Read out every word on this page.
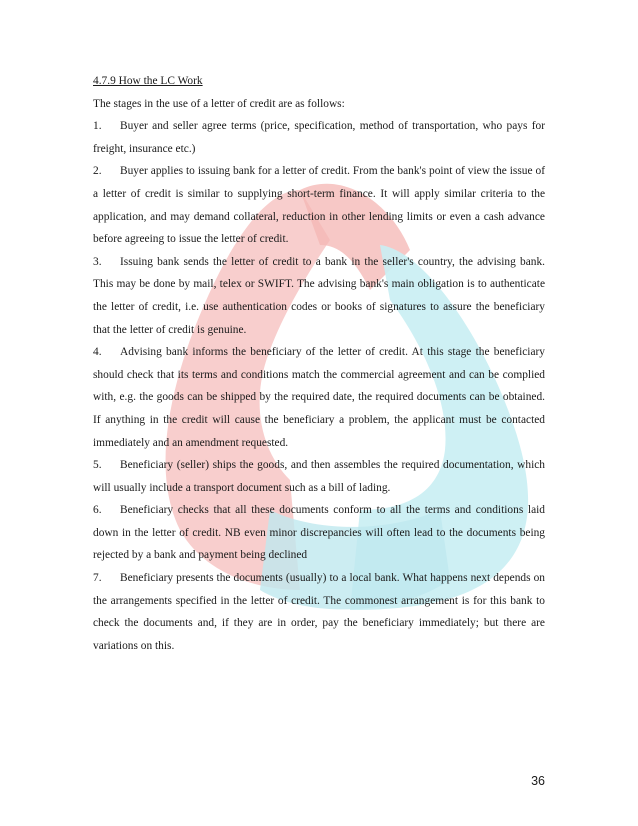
4.7.9 How the LC Work

The stages in the use of a letter of credit are as follows:

1. Buyer and seller agree terms (price, specification, method of transportation, who pays for freight, insurance etc.)
2. Buyer applies to issuing bank for a letter of credit. From the bank's point of view the issue of a letter of credit is similar to supplying short-term finance. It will apply similar criteria to the application, and may demand collateral, reduction in other lending limits or even a cash advance before agreeing to issue the letter of credit.
3. Issuing bank sends the letter of credit to a bank in the seller's country, the advising bank. This may be done by mail, telex or SWIFT. The advising bank's main obligation is to authenticate the letter of credit, i.e. use authentication codes or books of signatures to assure the beneficiary that the letter of credit is genuine.
4. Advising bank informs the beneficiary of the letter of credit. At this stage the beneficiary should check that its terms and conditions match the commercial agreement and can be complied with, e.g. the goods can be shipped by the required date, the required documents can be obtained. If anything in the credit will cause the beneficiary a problem, the applicant must be contacted immediately and an amendment requested.
5. Beneficiary (seller) ships the goods, and then assembles the required documentation, which will usually include a transport document such as a bill of lading.
6. Beneficiary checks that all these documents conform to all the terms and conditions laid down in the letter of credit. NB even minor discrepancies will often lead to the documents being rejected by a bank and payment being declined
7. Beneficiary presents the documents (usually) to a local bank. What happens next depends on the arrangements specified in the letter of credit. The commonest arrangement is for this bank to check the documents and, if they are in order, pay the beneficiary immediately; but there are variations on this.
36
